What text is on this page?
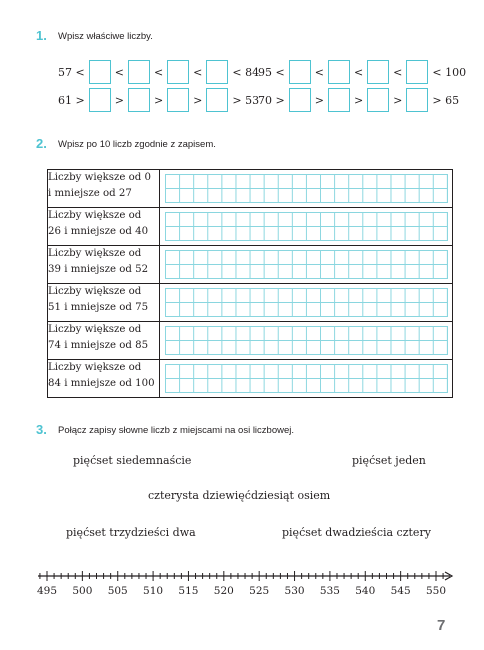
1. Wpisz właściwe liczby.
57 <	<	<	<	< 84
95 <	<	<	<	< 100
61 >	>	>	>	> 53
70 >	>	>	>	> 65
2. Wpisz po 10 liczb zgodnie z zapisem.
Liczby większe od 0
i mniejsze od 27	

Liczby większe od
26 i mniejsze od 40	

Liczby większe od
39 i mniejsze od 52	

Liczby większe od
51 i mniejsze od 75	

Liczby większe od
74 i mniejsze od 85	

Liczby większe od
84 i mniejsze od 100	

3. Połącz zapisy słowne liczb z miejscami na osi liczbowej.
pięćset siedemnaście	pięćset jeden
czterysta dziewięćdziesiąt osiem
pięćset trzydzieści dwa	pięćset dwadzieścia cztery
495 500 505 510 515 520 525 530 535 540 545 550
7
